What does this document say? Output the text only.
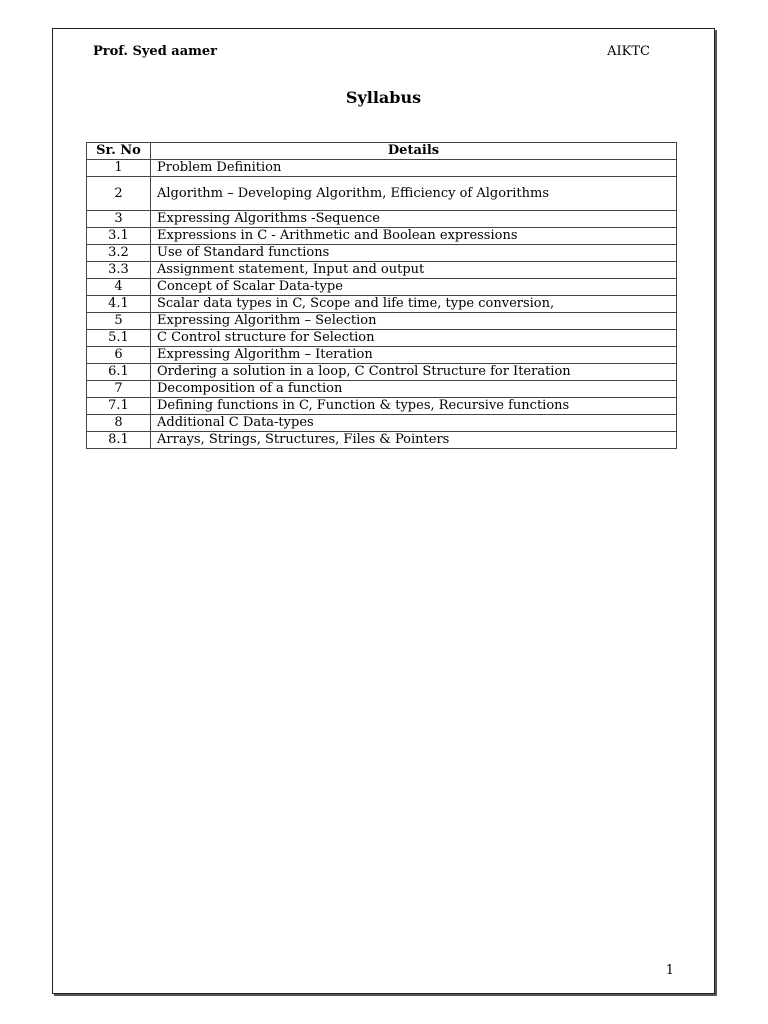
Prof. Syed aamer	AIKTC
Syllabus
Sr. No	Details
1	Problem Definition
2	Algorithm – Developing Algorithm, Efficiency of Algorithms
3	Expressing Algorithms -Sequence
3.1	Expressions in C - Arithmetic and Boolean expressions
3.2	Use of Standard functions
3.3	Assignment statement, Input and output
4	Concept of Scalar Data-type
4.1	Scalar data types in C, Scope and life time, type conversion,
5	Expressing Algorithm – Selection
5.1	C Control structure for Selection
6	Expressing Algorithm – Iteration
6.1	Ordering a solution in a loop, C Control Structure for Iteration
7	Decomposition of a function
7.1	Defining functions in C, Function & types, Recursive functions
8	Additional C Data-types
8.1	Arrays, Strings, Structures, Files & Pointers
1
